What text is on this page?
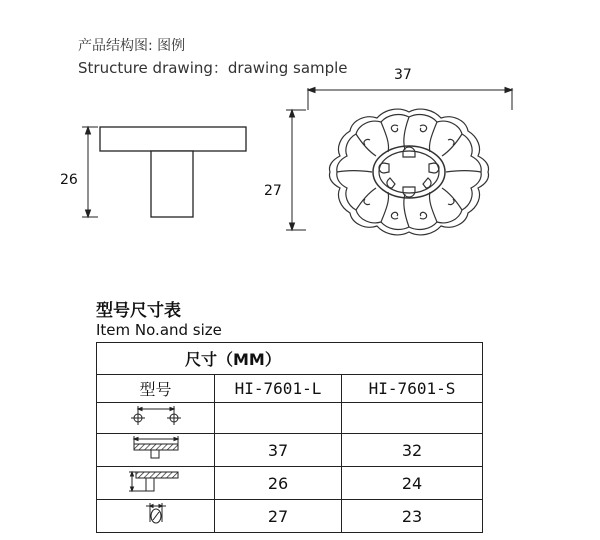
产品结构图: 图例
Structure drawing：drawing sample	37
27
26
型号尺寸表
Item No.and size
尺寸（MM）		
型号	HI-7601-L	HI-7601-S

	37	32
	26	24
	27	23
